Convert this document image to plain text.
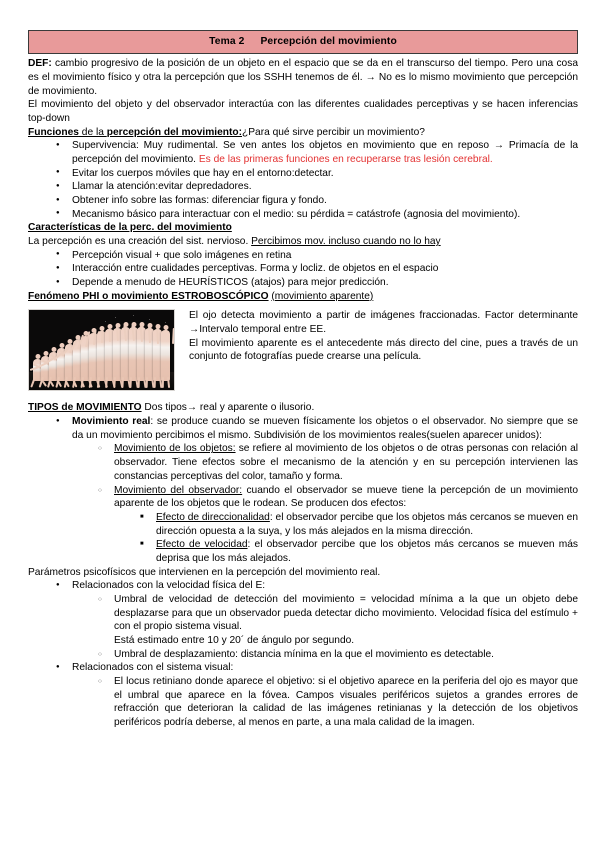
Tema 2 Percepción del movimiento

DEF: cambio progresivo de la posición de un objeto en el espacio que se da en el transcurso del tiempo. Pero una cosa es el movimiento físico y otra la percepción que los SSHH tenemos de él. → No es lo mismo movimiento que percepción de movimiento.

El movimiento del objeto y del observador interactúa con las diferentes cualidades perceptivas y se hacen inferencias top-down

Funciones de la percepción del movimiento:¿Para qué sirve percibir un movimiento?
● Supervivencia: Muy rudimental. Se ven antes los objetos en movimiento que en reposo → Primacía de la percepción del movimiento. Es de las primeras funciones en recuperarse tras lesión cerebral.
● Evitar los cuerpos móviles que hay en el entorno:detectar.
● Llamar la atención:evitar depredadores.
● Obtener info sobre las formas: diferenciar figura y fondo.
● Mecanismo básico para interactuar con el medio: su pérdida = catástrofe (agnosia del movimiento).
Características de la perc. del movimiento

La percepción es una creación del sist. nervioso. Percibimos mov. incluso cuando no lo hay

● Percepción visual + que solo imágenes en retina
● Interacción entre cualidades perceptivas. Forma y locliz. de objetos en el espacio
● Depende a menudo de HEURÍSTICOS (atajos) para mejor predicción.
Fenómeno PHI o movimiento ESTROBOSCÓPICO (movimiento aparente)
El ojo detecta movimiento a partir de imágenes fraccionadas. Factor determinante →Intervalo temporal entre EE.
El movimiento aparente es el antecedente más directo del cine, pues a través de un conjunto de fotografías puede crearse una película.
TIPOS de MOVIMIENTO Dos tipos→ real y aparente o ilusorio.
● Movimiento real: se produce cuando se mueven físicamente los objetos o el observador. No siempre que se da un movimiento percibimos el mismo. Subdivisión de los movimientos reales(suelen aparecer unidos):
○ Movimiento de los objetos: se refiere al movimiento de los objetos o de otras personas con relación al observador. Tiene efectos sobre el mecanismo de la atención y en su percepción intervienen las constancias perceptivas del color, tamaño y forma.
○ Movimiento del observador: cuando el observador se mueve tiene la percepción de un movimiento aparente de los objetos que le rodean. Se producen dos efectos:
■ Efecto de direccionalidad: el observador percibe que los objetos más cercanos se mueven en dirección opuesta a la suya, y los más alejados en la misma dirección.
■ Efecto de velocidad: el observador percibe que los objetos más cercanos se mueven más deprisa que los más alejados.

Parámetros psicofísicos que intervienen en la percepción del movimiento real.

● Relacionados con la velocidad física del E:
○ Umbral de velocidad de detección del movimiento = velocidad mínima a la que un objeto debe desplazarse para que un observador pueda detectar dicho movimiento. Velocidad física del estímulo + con el propio sistema visual.
Está estimado entre 10 y 20´ de ángulo por segundo.
○ Umbral de desplazamiento: distancia mínima en la que el movimiento es detectable.
● Relacionados con el sistema visual:
○ El locus retiniano donde aparece el objetivo: si el objetivo aparece en la periferia del ojo es mayor que el umbral que aparece en la fóvea. Campos visuales periféricos sujetos a grandes errores de refracción que deterioran la calidad de las imágenes retinianas y la detección de los objetivos periféricos podría deberse, al menos en parte, a una mala calidad de la imagen.
